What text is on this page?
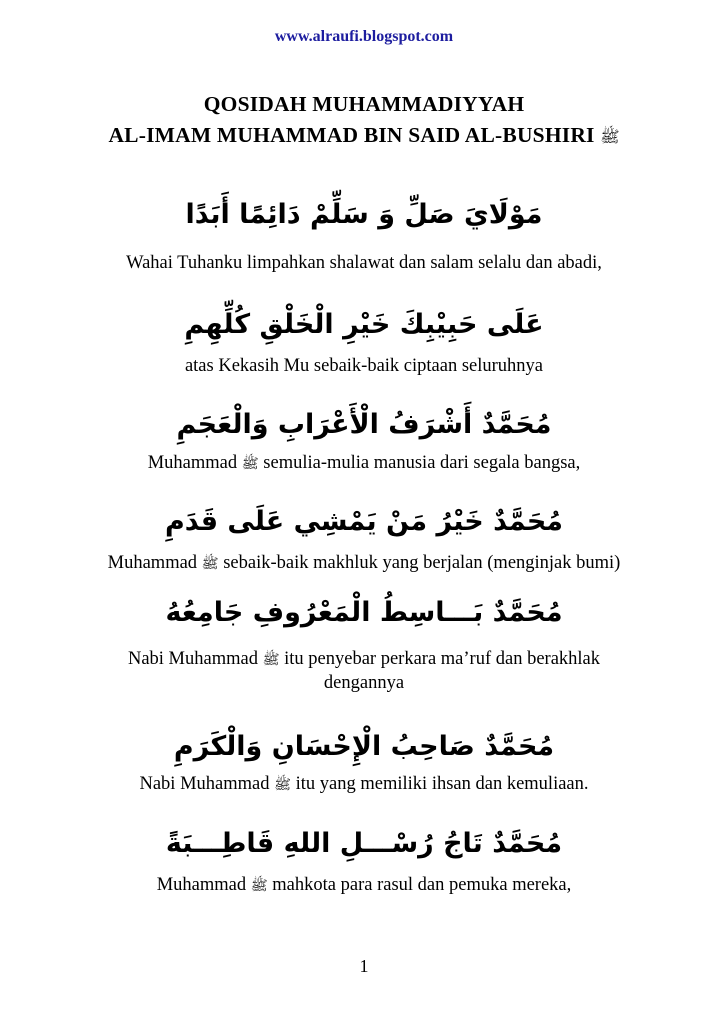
www.alraufi.blogspot.com
QOSIDAH MUHAMMADIYYAH
AL-IMAM MUHAMMAD BIN SAID AL-BUSHIRI ﷺ
مَوْلَايَ صَلِّ وَ سَلِّمْ دَائِمًا أَبَدًا
Wahai Tuhanku limpahkan shalawat dan salam selalu dan abadi,
عَلَى حَبِيْبِكَ خَيْرِ الْخَلْقِ كُلِّهِمِ
atas Kekasih Mu sebaik-baik ciptaan seluruhnya
مُحَمَّدٌ أَشْرَفُ الْأَعْرَابِ وَالْعَجَمِ
Muhammad ﷺ semulia-mulia manusia dari segala bangsa,
مُحَمَّدٌ خَيْرُ مَنْ يَمْشِي عَلَى قَدَمِ
Muhammad ﷺ sebaik-baik makhluk yang berjalan (menginjak bumi)
مُحَمَّدٌ بَـــاسِطُ الْمَعْرُوفِ جَامِعُهُ
Nabi Muhammad ﷺ itu penyebar perkara ma’ruf dan berakhlak
dengannya
مُحَمَّدٌ صَاحِبُ الْإِحْسَانِ وَالْكَرَمِ
Nabi Muhammad ﷺ itu yang memiliki ihsan dan kemuliaan.
مُحَمَّدٌ تَاجُ رُسْـــلِ اللهِ قَاطِـــبَةً
Muhammad ﷺ mahkota para rasul dan pemuka mereka,
1
